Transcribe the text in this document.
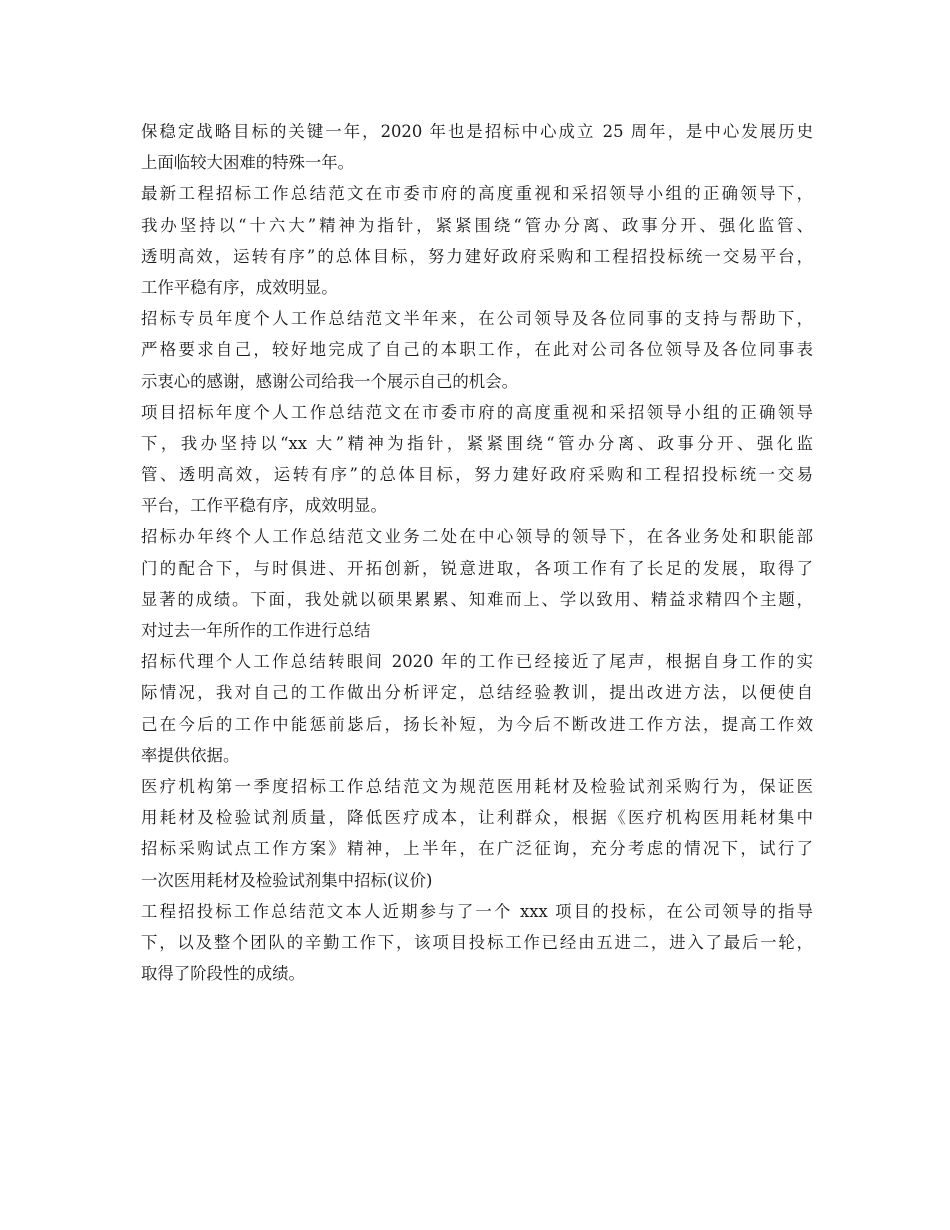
保稳定战略目标的关键一年，2020 年也是招标中心成立 25 周年，是中心发展历史
上面临较大困难的特殊一年。
最新工程招标工作总结范文在市委市府的高度重视和采招领导小组的正确领导下，
我办坚持以“十六大”精神为指针，紧紧围绕“管办分离、政事分开、强化监管、
透明高效，运转有序”的总体目标，努力建好政府采购和工程招投标统一交易平台，
工作平稳有序，成效明显。
招标专员年度个人工作总结范文半年来，在公司领导及各位同事的支持与帮助下，
严格要求自己，较好地完成了自己的本职工作，在此对公司各位领导及各位同事表
示衷心的感谢，感谢公司给我一个展示自己的机会。
项目招标年度个人工作总结范文在市委市府的高度重视和采招领导小组的正确领导
下，我办坚持以“xx 大”精神为指针，紧紧围绕“管办分离、政事分开、强化监
管、透明高效，运转有序”的总体目标，努力建好政府采购和工程招投标统一交易
平台，工作平稳有序，成效明显。
招标办年终个人工作总结范文业务二处在中心领导的领导下，在各业务处和职能部
门的配合下，与时俱进、开拓创新，锐意进取，各项工作有了长足的发展，取得了
显著的成绩。下面，我处就以硕果累累、知难而上、学以致用、精益求精四个主题，
对过去一年所作的工作进行总结
招标代理个人工作总结转眼间 2020 年的工作已经接近了尾声，根据自身工作的实
际情况，我对自己的工作做出分析评定，总结经验教训，提出改进方法，以便使自
己在今后的工作中能惩前毖后，扬长补短，为今后不断改进工作方法，提高工作效
率提供依据。
医疗机构第一季度招标工作总结范文为规范医用耗材及检验试剂采购行为，保证医
用耗材及检验试剂质量，降低医疗成本，让利群众，根据《医疗机构医用耗材集中
招标采购试点工作方案》精神，上半年，在广泛征询，充分考虑的情况下，试行了
一次医用耗材及检验试剂集中招标(议价)
工程招投标工作总结范文本人近期参与了一个 xxx 项目的投标，在公司领导的指导
下，以及整个团队的辛勤工作下，该项目投标工作已经由五进二，进入了最后一轮，
取得了阶段性的成绩。
